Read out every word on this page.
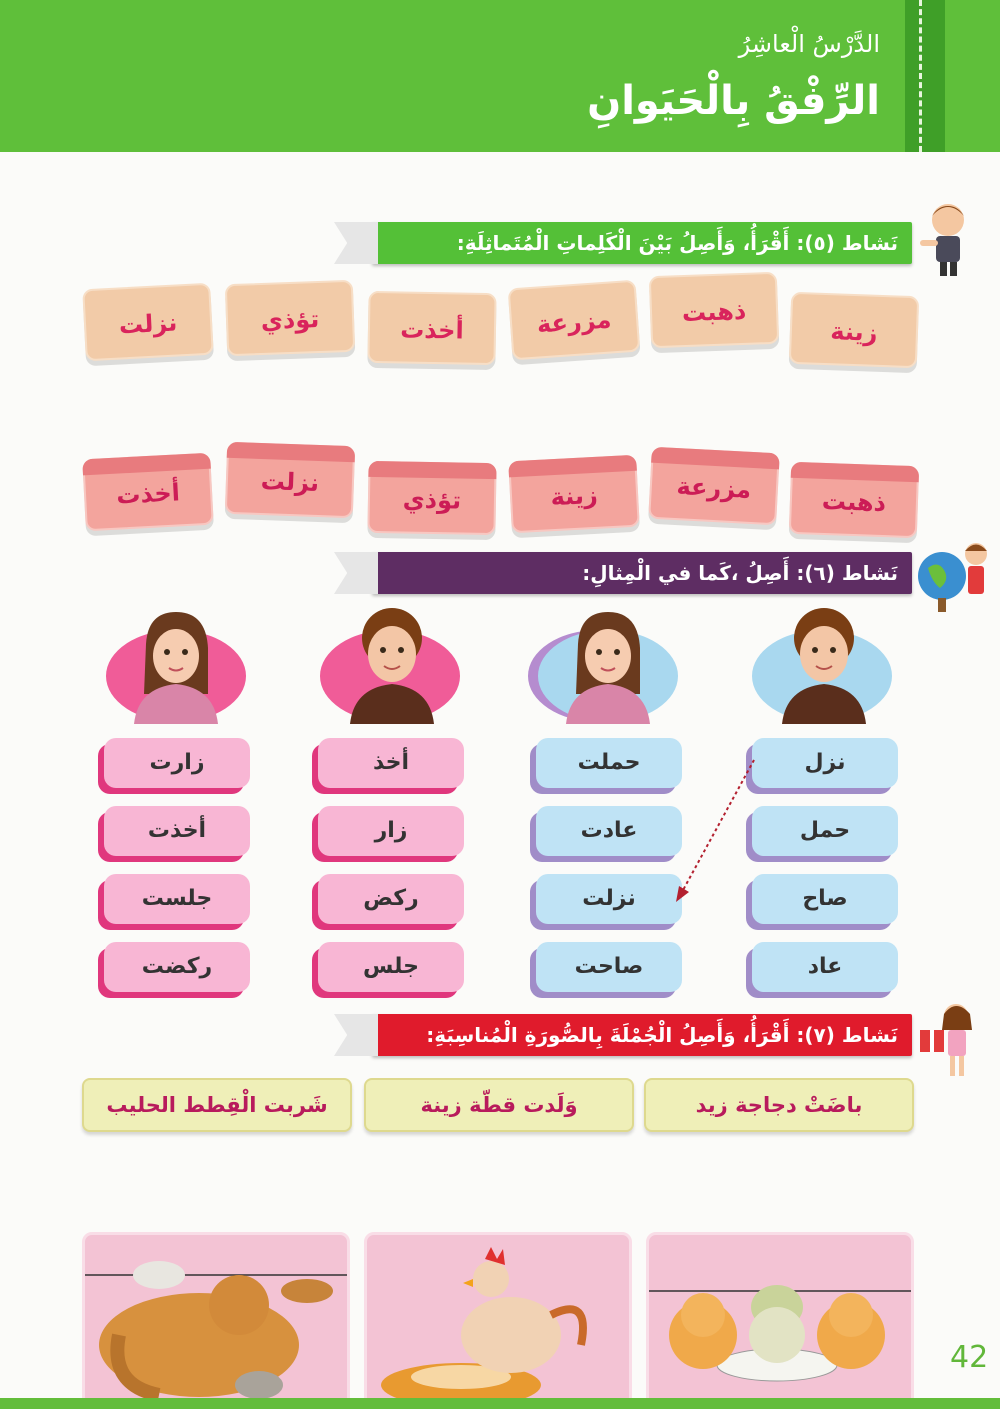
الدَّرْسُ الْعاشِرُ
الرِّفْقُ بِالْحَيَوانِ
نَشاط (٥): أَقْرَأُ، وَأَصِلُ بَيْنَ الْكَلِماتِ الْمُتَماثِلَةِ:
زينة
ذهبت
مزرعة
أخذت
تؤذي
نزلت
ذهبت
مزرعة
زينة
تؤذي
نزلت
أخذت
نَشاط (٦): أَصِلُ ،كَما في الْمِثالِ:
نزل
حمل
صاح
عاد
حملت
عادت
نزلت
صاحت
أخذ
زار
ركض
جلس
زارت
أخذت
جلست
ركضت
نَشاط (٧): أَقْرَأُ، وَأَصِلُ الْجُمْلَةَ بِالصُّورَةِ الْمُناسِبَةِ:
باضَتْ دجاجة زيد
وَلَدت قطّة زينة
شَربت الْقِطط الحليب
42
